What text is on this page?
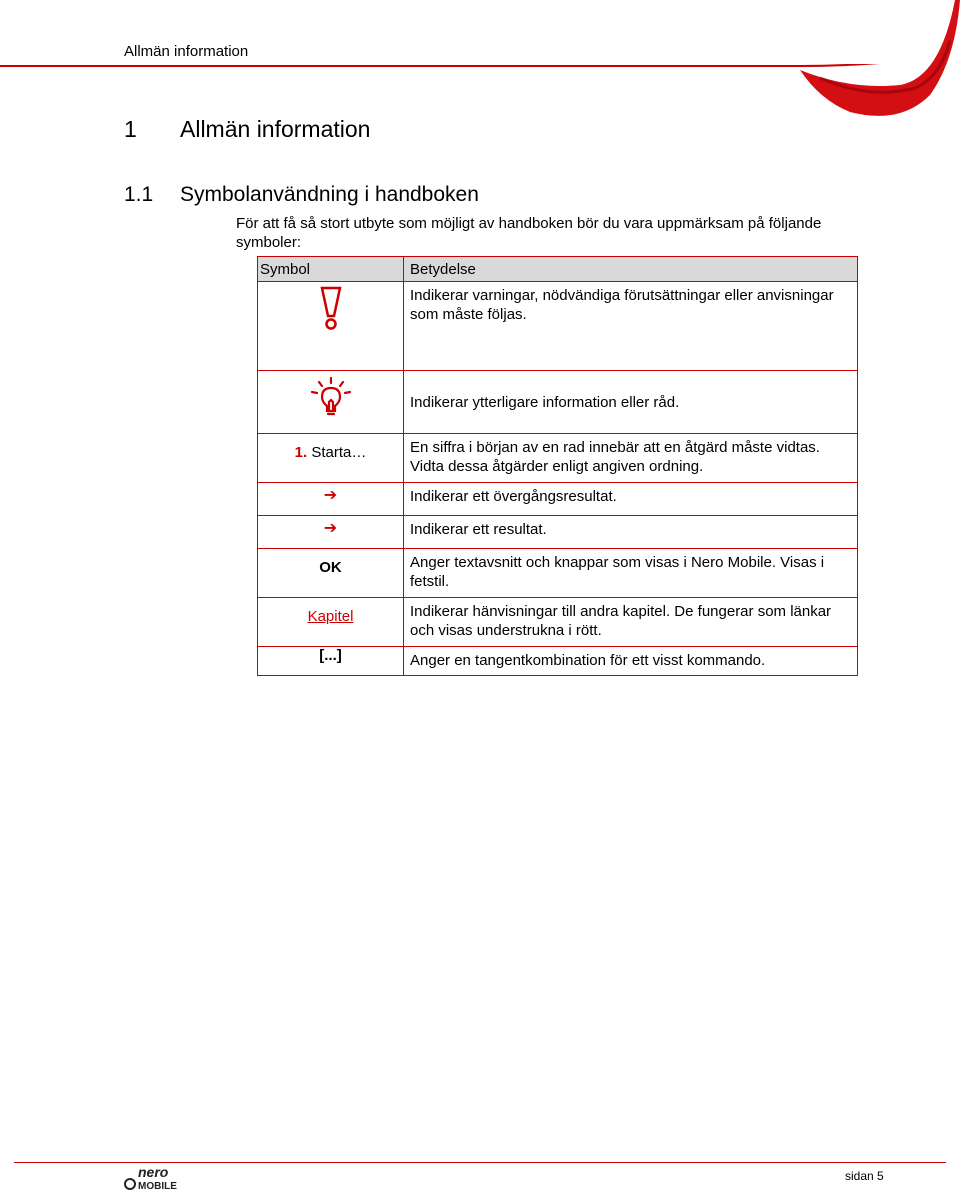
Allmän information
1 Allmän information
1.1 Symbolanvändning i handboken
För att få så stort utbyte som möjligt av handboken bör du vara uppmärksam på följande symboler:
Symbol	Betydelse
	Indikerar varningar, nödvändiga förutsättningar eller anvisningar som måste följas.
	Indikerar ytterligare information eller råd.
1. Starta…	En siffra i början av en rad innebär att en åtgärd måste vidtas. Vidta dessa åtgärder enligt angiven ordning.
➔	Indikerar ett övergångsresultat.
➔	Indikerar ett resultat.
OK	Anger textavsnitt och knappar som visas i Nero Mobile. Visas i fetstil.
Kapitel	Indikerar hänvisningar till andra kapitel. De fungerar som länkar och visas understrukna i rött.
[...]	Anger en tangentkombination för ett visst kommando.
nero
MOBILE
sidan 5
